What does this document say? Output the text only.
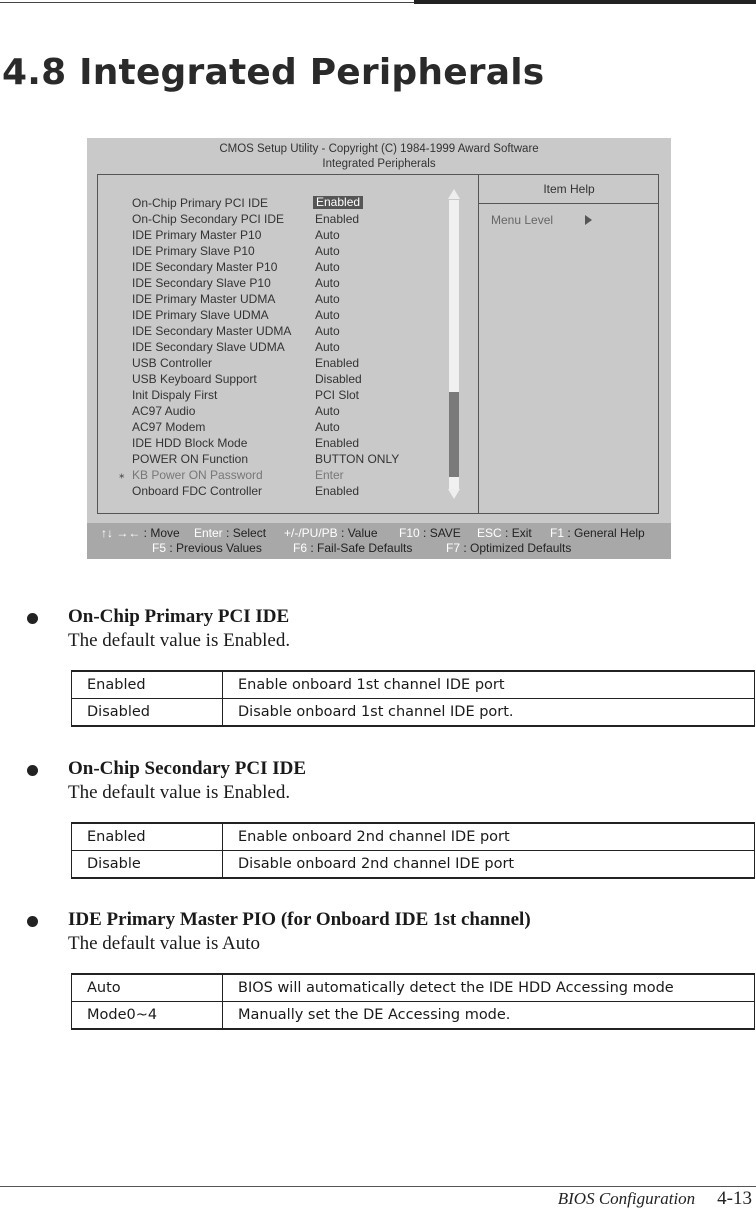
4.8 Integrated Peripherals
CMOS Setup Utility - Copyright (C) 1984-1999 Award Software
Integrated Peripherals
On-Chip Primary PCI IDE	Enabled
On-Chip Secondary PCI IDE	Enabled
IDE Primary Master P10	Auto
IDE Primary Slave P10	Auto
IDE Secondary Master P10	Auto
IDE Secondary Slave P10	Auto
IDE Primary Master UDMA	Auto
IDE Primary Slave UDMA	Auto
IDE Secondary Master UDMA Auto
IDE Secondary Slave UDMA	Auto
USB Controller	Enabled
USB Keyboard Support	Disabled
Init Dispaly First	PCI Slot
AC97 Audio	Auto
AC97 Modem	Auto
IDE HDD Block Mode	Enabled
POWER ON Function	BUTTON ONLY
⁎ KB Power ON Password	Enter
Onboard FDC Controller	Enabled
Item Help
Menu Level
↑↓ →← : Move Enter : Select +/-/PU/PB : Value F10 : SAVE ESC : Exit F1 : General Help
F5 : Previous Values	F6 : Fail-Safe Defaults	F7 : Optimized Defaults
On-Chip Primary PCI IDE
The default value is Enabled.
Enabled	Enable onboard 1st channel IDE port
Disabled	Disable onboard 1st channel IDE port.
On-Chip Secondary PCI IDE
The default value is Enabled.
Enabled	Enable onboard 2nd channel IDE port
Disable	Disable onboard 2nd channel IDE port
IDE Primary Master PIO (for Onboard IDE 1st channel)
The default value is Auto
Auto	BIOS will automatically detect the IDE HDD Accessing mode
Mode0~4	Manually set the DE Accessing mode.
BIOS Configuration 4-13
